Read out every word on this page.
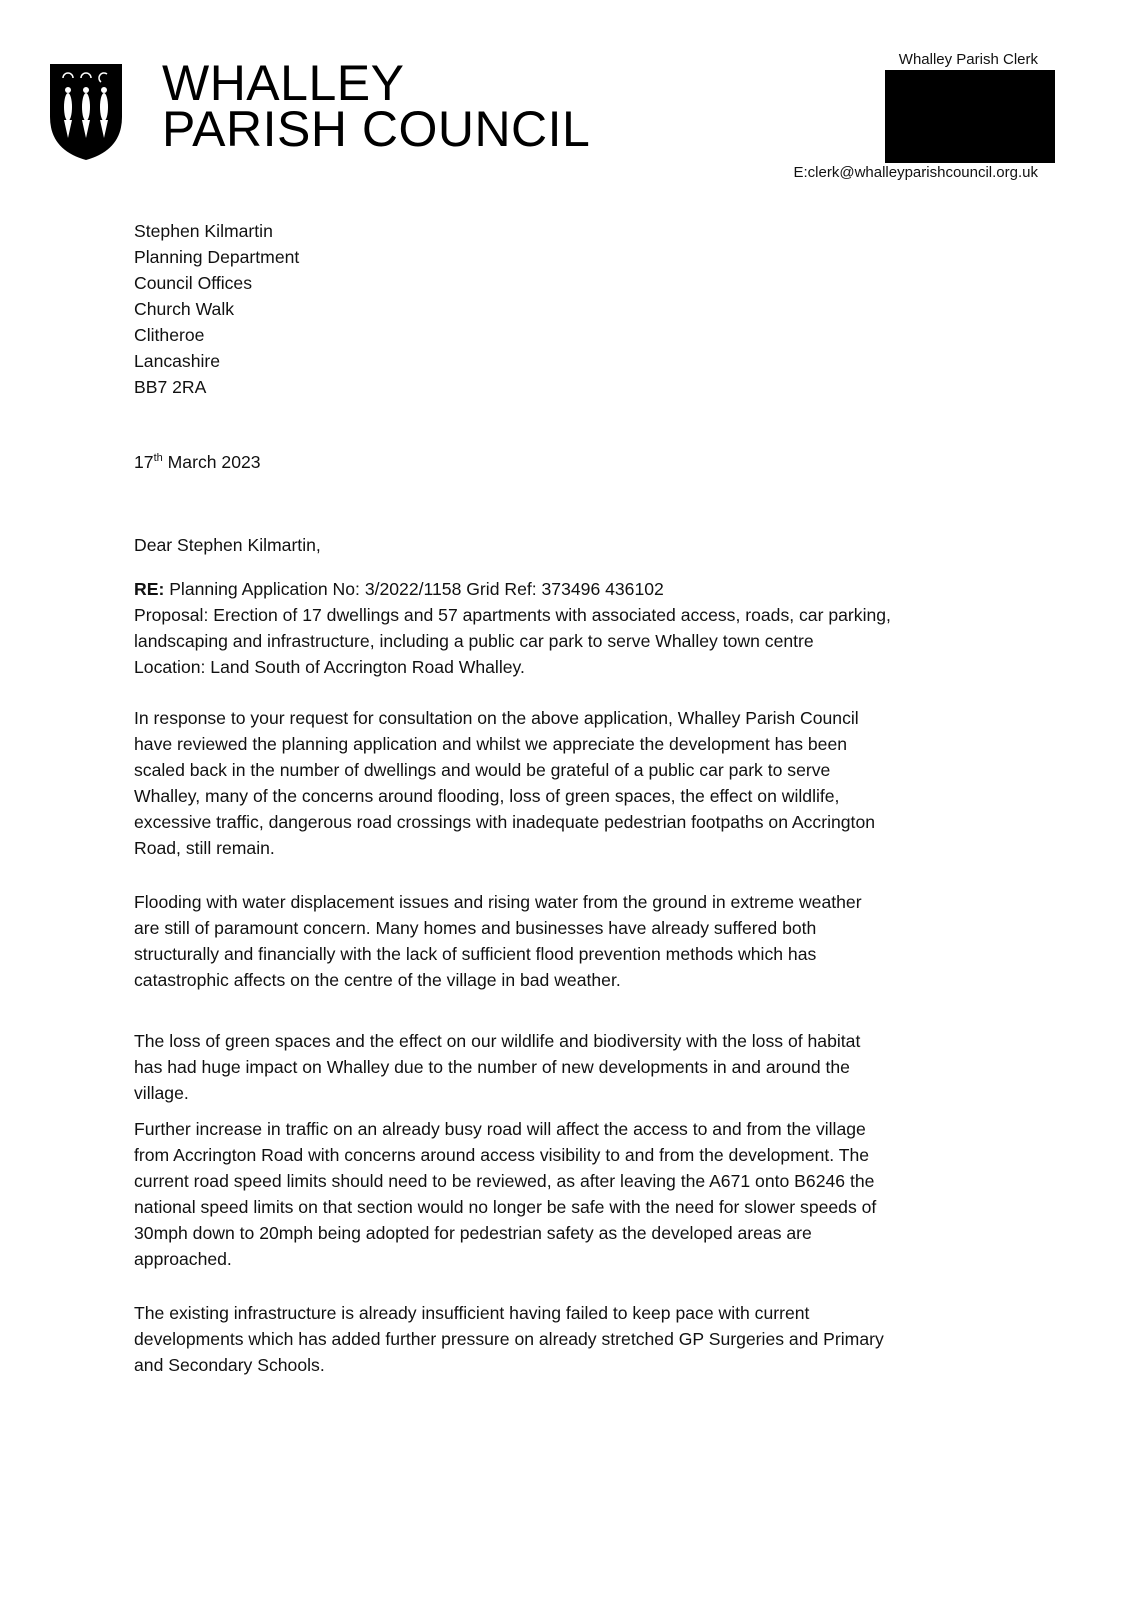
WHALLEY
PARISH COUNCIL
Whalley Parish Clerk
E:clerk@whalleyparishcouncil.org.uk
Stephen Kilmartin
Planning Department
Council Offices
Church Walk
Clitheroe
Lancashire
BB7 2RA
17th March 2023
Dear Stephen Kilmartin,
RE: Planning Application No: 3/2022/1158 Grid Ref: 373496 436102
Proposal: Erection of 17 dwellings and 57 apartments with associated access, roads, car parking,
landscaping and infrastructure, including a public car park to serve Whalley town centre
Location: Land South of Accrington Road Whalley.
In response to your request for consultation on the above application, Whalley Parish Council
have reviewed the planning application and whilst we appreciate the development has been
scaled back in the number of dwellings and would be grateful of a public car park to serve
Whalley, many of the concerns around flooding, loss of green spaces, the effect on wildlife,
excessive traffic, dangerous road crossings with inadequate pedestrian footpaths on Accrington
Road, still remain.
Flooding with water displacement issues and rising water from the ground in extreme weather
are still of paramount concern. Many homes and businesses have already suffered both
structurally and financially with the lack of sufficient flood prevention methods which has
catastrophic affects on the centre of the village in bad weather.
The loss of green spaces and the effect on our wildlife and biodiversity with the loss of habitat
has had huge impact on Whalley due to the number of new developments in and around the
village.
Further increase in traffic on an already busy road will affect the access to and from the village
from Accrington Road with concerns around access visibility to and from the development. The
current road speed limits should need to be reviewed, as after leaving the A671 onto B6246 the
national speed limits on that section would no longer be safe with the need for slower speeds of
30mph down to 20mph being adopted for pedestrian safety as the developed areas are
approached.
The existing infrastructure is already insufficient having failed to keep pace with current
developments which has added further pressure on already stretched GP Surgeries and Primary
and Secondary Schools.
